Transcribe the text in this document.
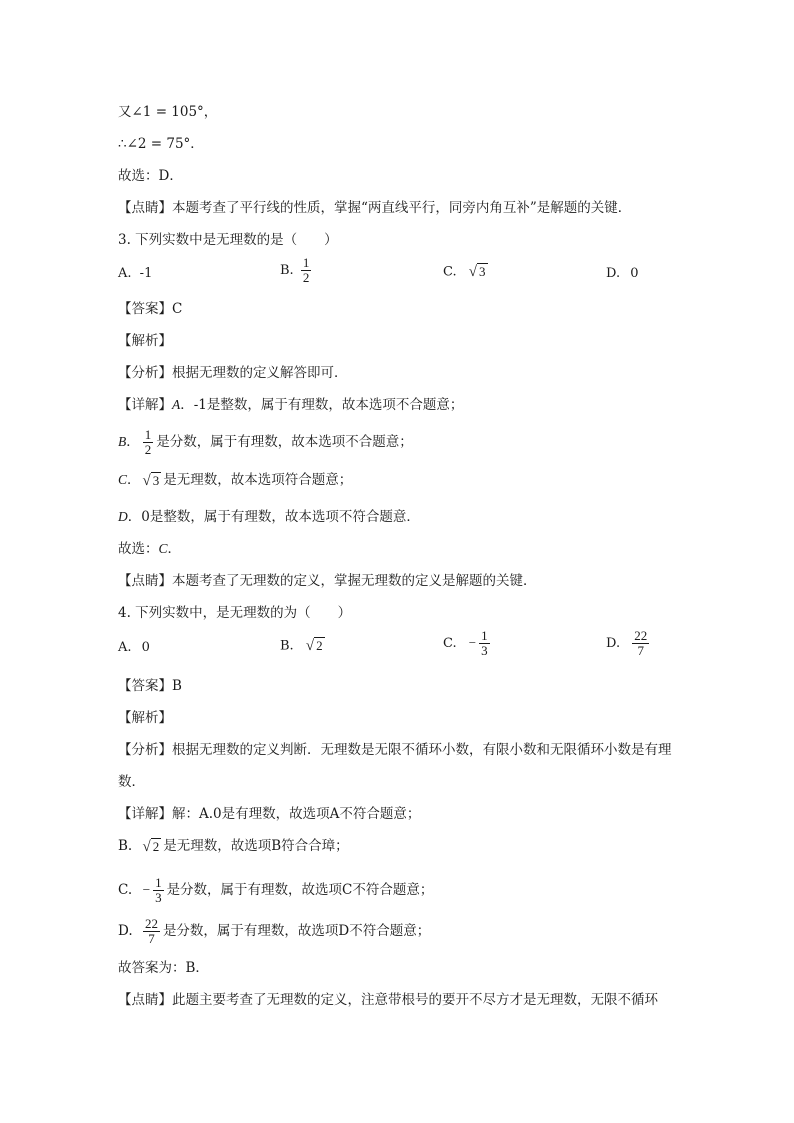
又∠1 = 105°，
∴∠2 = 75°．
故选：D．
【点睛】本题考查了平行线的性质，掌握“两直线平行，同旁内角互补”是解题的关键．
3. 下列实数中是无理数的是（　　）
A. -1	B. $\frac{1}{2}$	C. √ 3	D. 0
【答案】C
【解析】
【分析】根据无理数的定义解答即可．
【详解】A．-1是整数，属于有理数，故本选项不合题意；
B． $\frac{1}{2}$ 是分数，属于有理数，故本选项不合题意；
C． √ 3 是无理数，故本选项符合题意；
D．0是整数，属于有理数，故本选项不符合题意．
故选：C．
【点睛】本题考查了无理数的定义，掌握无理数的定义是解题的关键．
4. 下列实数中，是无理数的为（　　）
A. 0	B. √ 2	C. − $\frac{1}{3}$	D. $\frac{22}{7}$
【答案】B
【解析】
【分析】根据无理数的定义判断．无理数是无限不循环小数，有限小数和无限循环小数是有理数．
【详解】解：A.0是有理数，故选项A不符合题意；
B. √ 2 是无理数，故选项B符合合璋；
C. − $\frac{1}{3}$ 是分数，属于有理数，故选项C不符合题意；
D. $\frac{22}{7}$ 是分数，属于有理数，故选项D不符合题意；
故答案为：B．
【点睛】此题主要考查了无理数的定义，注意带根号的要开不尽方才是无理数，无限不循环
